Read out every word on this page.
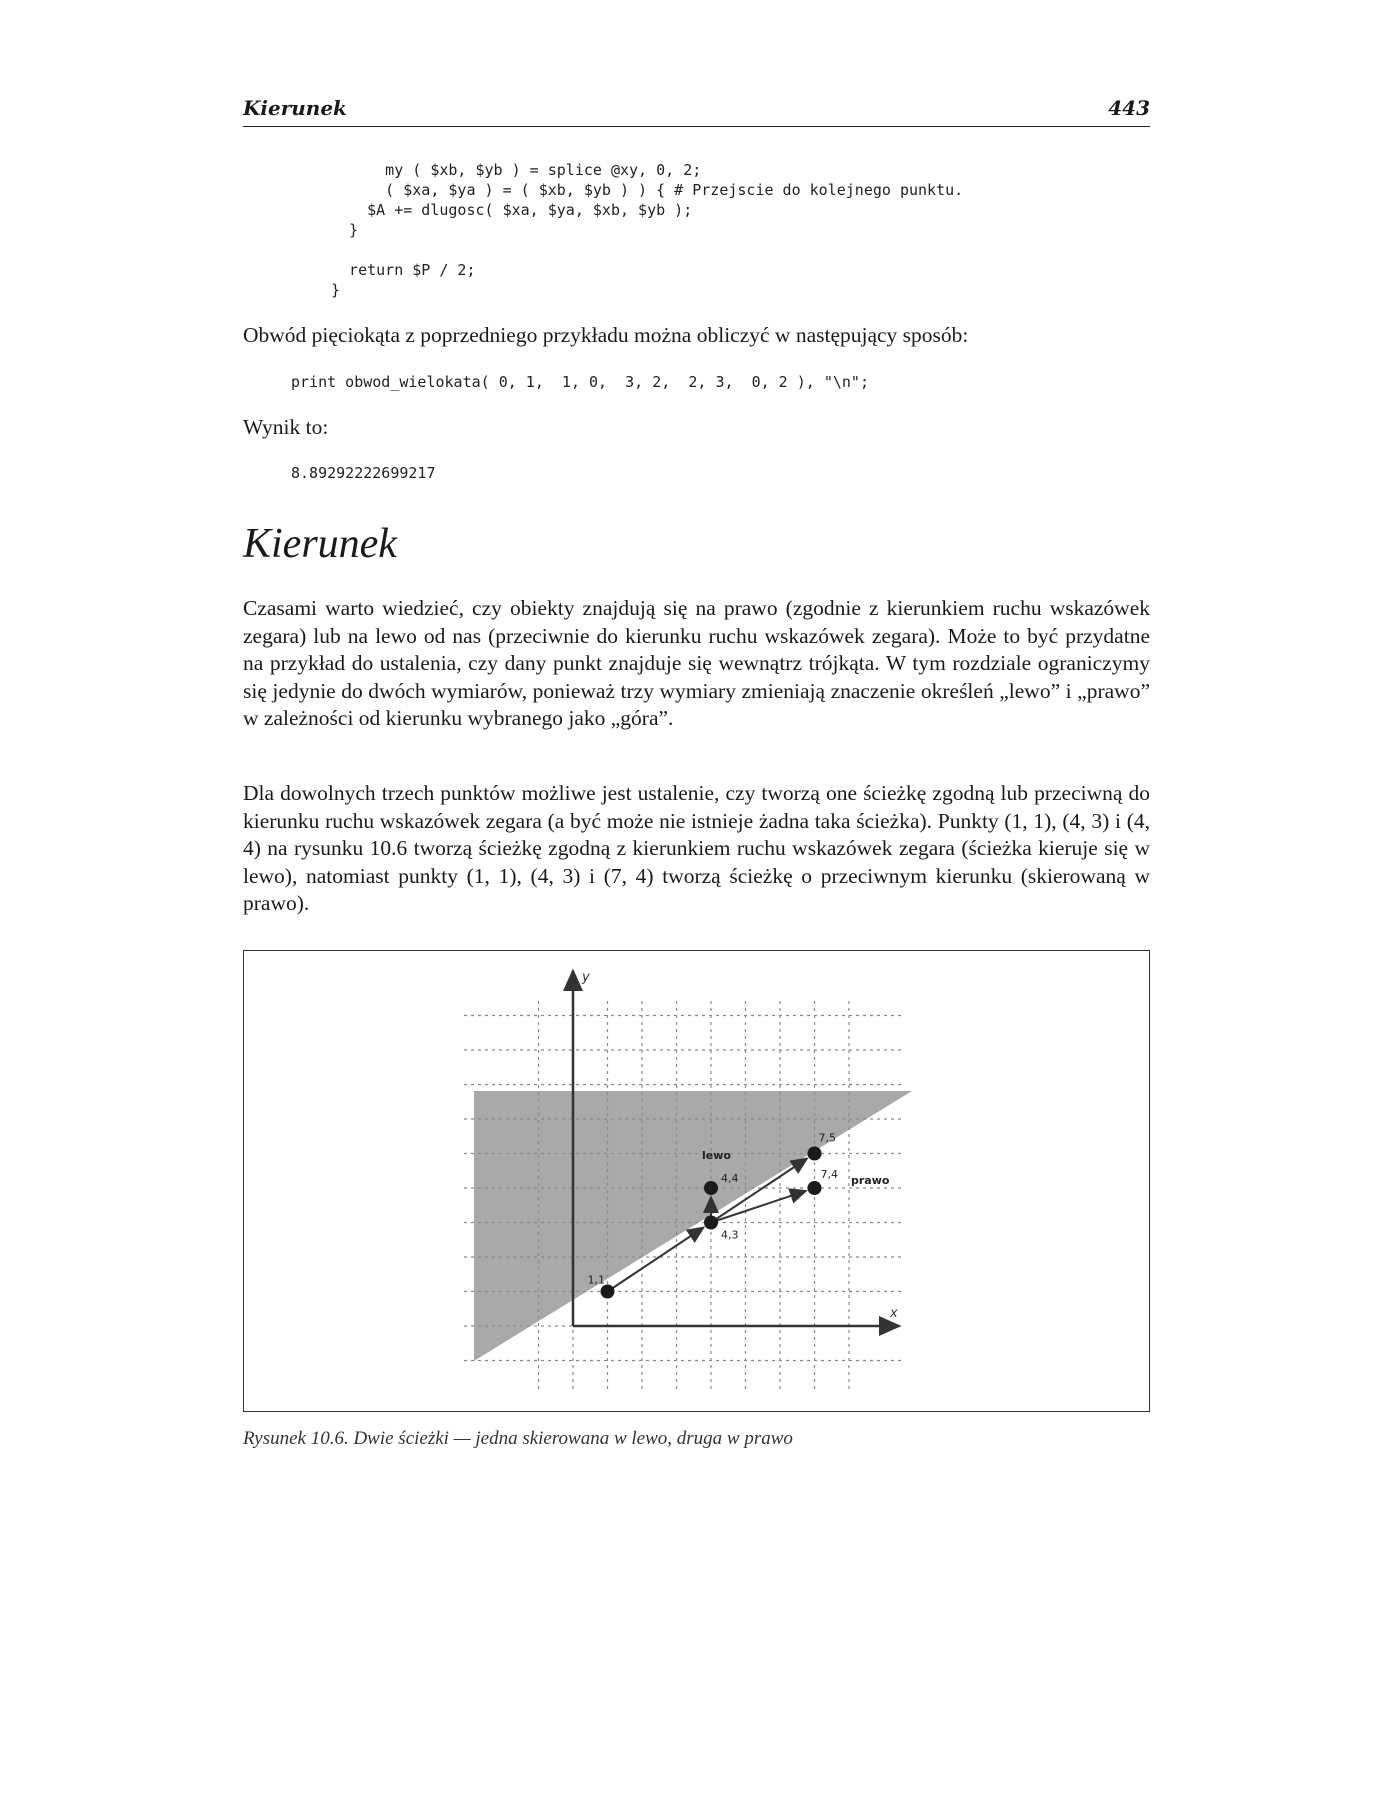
Kierunek	443
my ( $xb, $yb ) = splice @xy, 0, 2;
( $xa, $ya ) = ( $xb, $yb ) ) { # Przejscie do kolejnego punktu.
$A += dlugosc( $xa, $ya, $xb, $yb );
}

return $P / 2;
}

Obwód pięciokąta z poprzedniego przykładu można obliczyć w następujący sposób:

print obwod_wielokata( 0, 1,  1, 0,  3, 2,  2, 3,  0, 2 ), "\n";

Wynik to:

8.89292222699217
Kierunek

Czasami warto wiedzieć, czy obiekty znajdują się na prawo (zgodnie z kierunkiem ruchu wskazówek zegara) lub na lewo od nas (przeciwnie do kierunku ruchu wskazówek zegara). Może to być przydatne na przykład do ustalenia, czy dany punkt znajduje się wewnątrz trójkąta. W tym rozdziale ograniczymy się jedynie do dwóch wymiarów, ponieważ trzy wymiary zmieniają znaczenie określeń „lewo” i „prawo” w zależności od kierunku wybranego jako „góra”.

Dla dowolnych trzech punktów możliwe jest ustalenie, czy tworzą one ścieżkę zgodną lub przeciwną do kierunku ruchu wskazówek zegara (a być może nie istnieje żadna taka ścieżka). Punkty (1, 1), (4, 3) i (4, 4) na rysunku 10.6 tworzą ścieżkę zgodną z kierunkiem ruchu wskazówek zegara (ścieżka kieruje się w lewo), natomiast punkty (1, 1), (4, 3) i (7, 4) tworzą ścieżkę o przeciwnym kierunku (skierowaną w prawo).

y
x
1,1
4,3
4,4
7,5
7,4
lewo
prawo

Rysunek 10.6. Dwie ścieżki — jedna skierowana w lewo, druga w prawo
